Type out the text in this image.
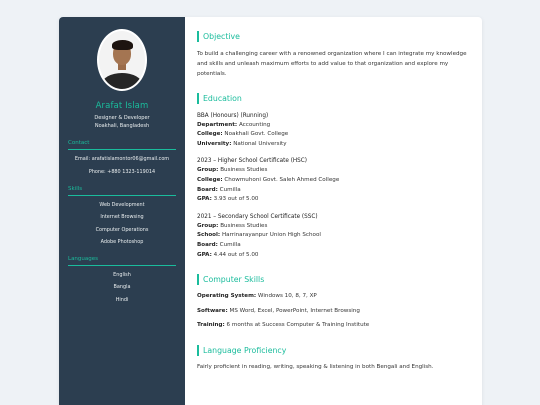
Arafat Islam
Designer & Developer
Noakhali, Bangladesh
Contact
Email: arafatislamontor06@gmail.com
Phone: +880 1323-119014
Skills
Web Development
Internet Browsing
Computer Operations
Adobe Photoshop
Languages
English
Bangla
Hindi
Objective

To build a challenging career with a renowned organization where I can integrate my knowledge and skills and unleash maximum efforts to add value to that organization and explore my potentials.

Education
BBA (Honours) (Running)
Department: Accounting
College: Noakhali Govt. College
University: National University
2023 – Higher School Certificate (HSC)
Group: Business Studies
College: Chowmuhoni Govt. Saleh Ahmed College
Board: Cumilla
GPA: 3.93 out of 5.00
2021 – Secondary School Certificate (SSC)
Group: Business Studies
School: Harrinarayanpur Union High School
Board: Cumilla
GPA: 4.44 out of 5.00
Computer Skills
Operating System: Windows 10, 8, 7, XP
Software: MS Word, Excel, PowerPoint, Internet Browsing
Training: 6 months at Success Computer & Training Institute
Language Proficiency

Fairly proficient in reading, writing, speaking & listening in both Bengali and English.
